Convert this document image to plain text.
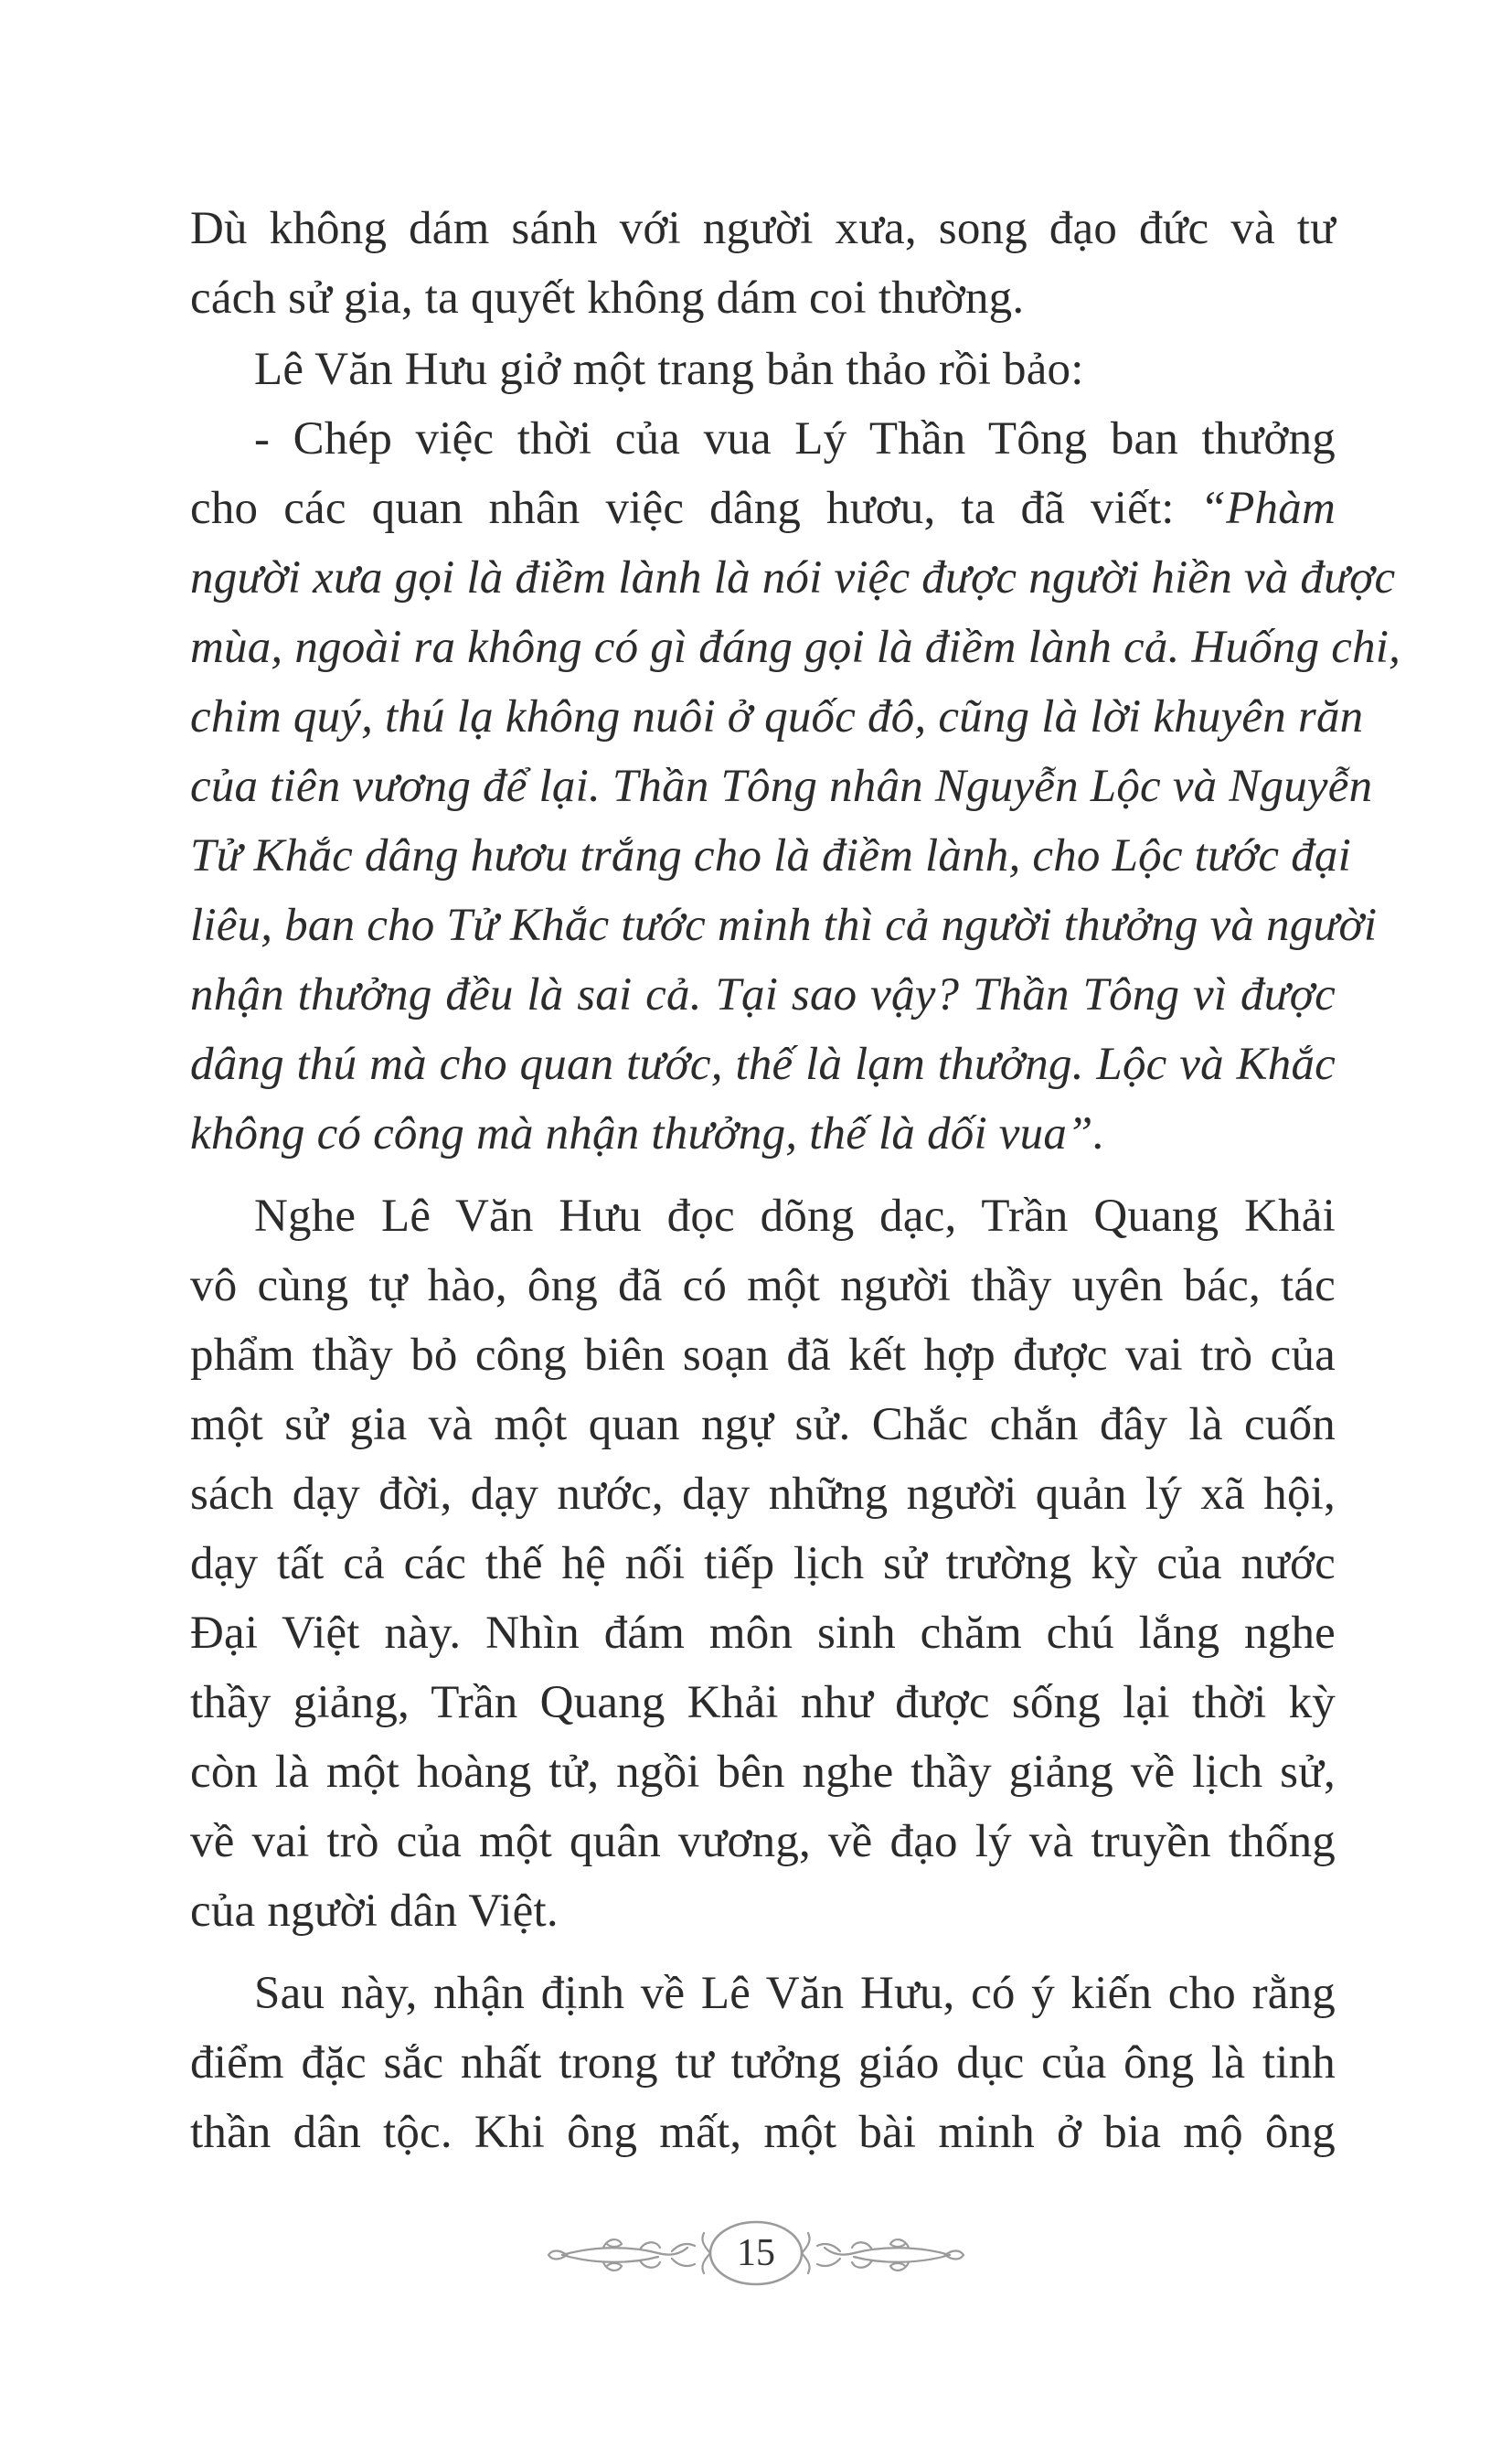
Dù không dám sánh với người xưa, song đạo đức và tư
cách sử gia, ta quyết không dám coi thường.
Lê Văn Hưu giở một trang bản thảo rồi bảo:
- Chép việc thời của vua Lý Thần Tông ban thưởng
cho các quan nhân việc dâng hươu, ta đã viết: “Phàm
người xưa gọi là điềm lành là nói việc được người hiền và được
mùa, ngoài ra không có gì đáng gọi là điềm lành cả. Huống chi,
chim quý, thú lạ không nuôi ở quốc đô, cũng là lời khuyên răn
của tiên vương để lại. Thần Tông nhân Nguyễn Lộc và Nguyễn
Tử Khắc dâng hươu trắng cho là điềm lành, cho Lộc tước đại
liêu, ban cho Tử Khắc tước minh thì cả người thưởng và người
nhận thưởng đều là sai cả. Tại sao vậy? Thần Tông vì được
dâng thú mà cho quan tước, thế là lạm thưởng. Lộc và Khắc
không có công mà nhận thưởng, thế là dối vua”.
Nghe Lê Văn Hưu đọc dõng dạc, Trần Quang Khải
vô cùng tự hào, ông đã có một người thầy uyên bác, tác
phẩm thầy bỏ công biên soạn đã kết hợp được vai trò của
một sử gia và một quan ngự sử. Chắc chắn đây là cuốn
sách dạy đời, dạy nước, dạy những người quản lý xã hội,
dạy tất cả các thế hệ nối tiếp lịch sử trường kỳ của nước
Đại Việt này. Nhìn đám môn sinh chăm chú lắng nghe
thầy giảng, Trần Quang Khải như được sống lại thời kỳ
còn là một hoàng tử, ngồi bên nghe thầy giảng về lịch sử,
về vai trò của một quân vương, về đạo lý và truyền thống
của người dân Việt.
Sau này, nhận định về Lê Văn Hưu, có ý kiến cho rằng
điểm đặc sắc nhất trong tư tưởng giáo dục của ông là tinh
thần dân tộc. Khi ông mất, một bài minh ở bia mộ ông
15
